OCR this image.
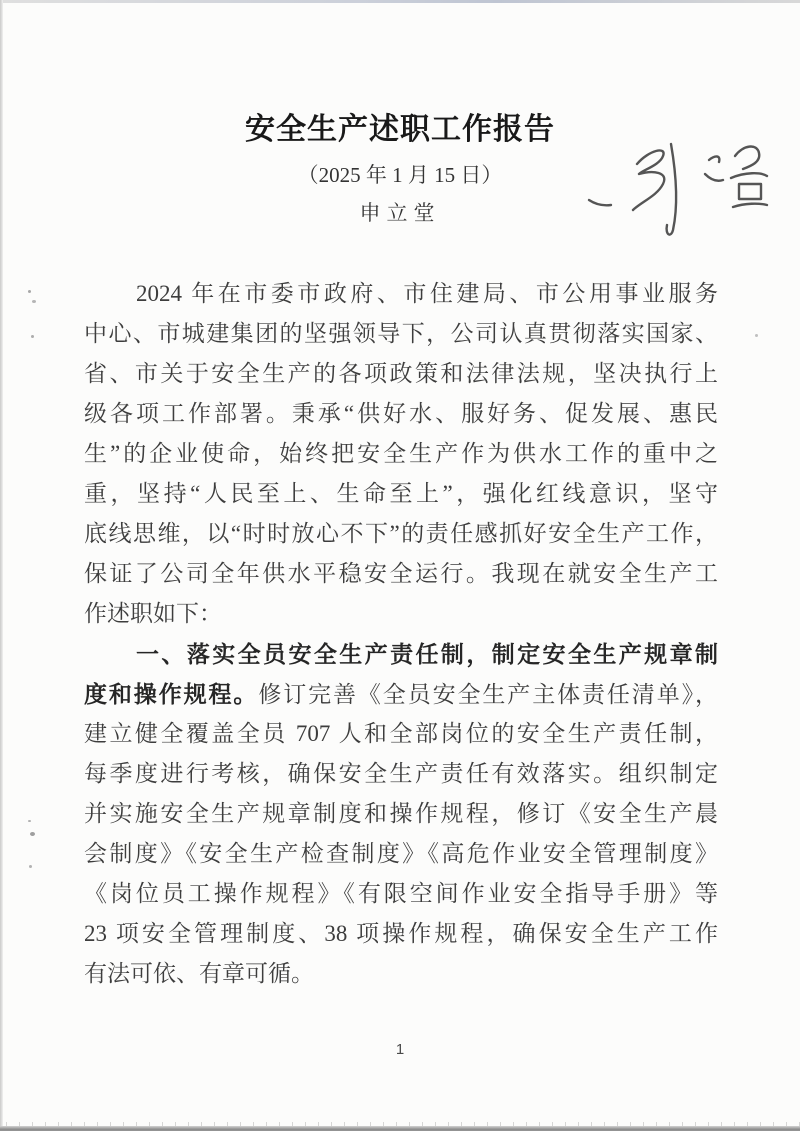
安全生产述职工作报告
（2025 年 1 月 15 日）
申立堂
2024 年在市委市政府、市住建局、市公用事业服务
中心、市城建集团的坚强领导下，公司认真贯彻落实国家、
省、市关于安全生产的各项政策和法律法规，坚决执行上
级各项工作部署。秉承“供好水、服好务、促发展、惠民
生”的企业使命，始终把安全生产作为供水工作的重中之
重，坚持“人民至上、生命至上”，强化红线意识，坚守
底线思维，以“时时放心不下”的责任感抓好安全生产工作，
保证了公司全年供水平稳安全运行。我现在就安全生产工
作述职如下：
一、落实全员安全生产责任制，制定安全生产规章制
度和操作规程。修订完善《全员安全生产主体责任清单》，
建立健全覆盖全员 707 人和全部岗位的安全生产责任制，
每季度进行考核，确保安全生产责任有效落实。组织制定
并实施安全生产规章制度和操作规程，修订《安全生产晨
会制度》《安全生产检查制度》《高危作业安全管理制度》
《岗位员工操作规程》《有限空间作业安全指导手册》等
23 项安全管理制度、38 项操作规程，确保安全生产工作
有法可依、有章可循。
1
